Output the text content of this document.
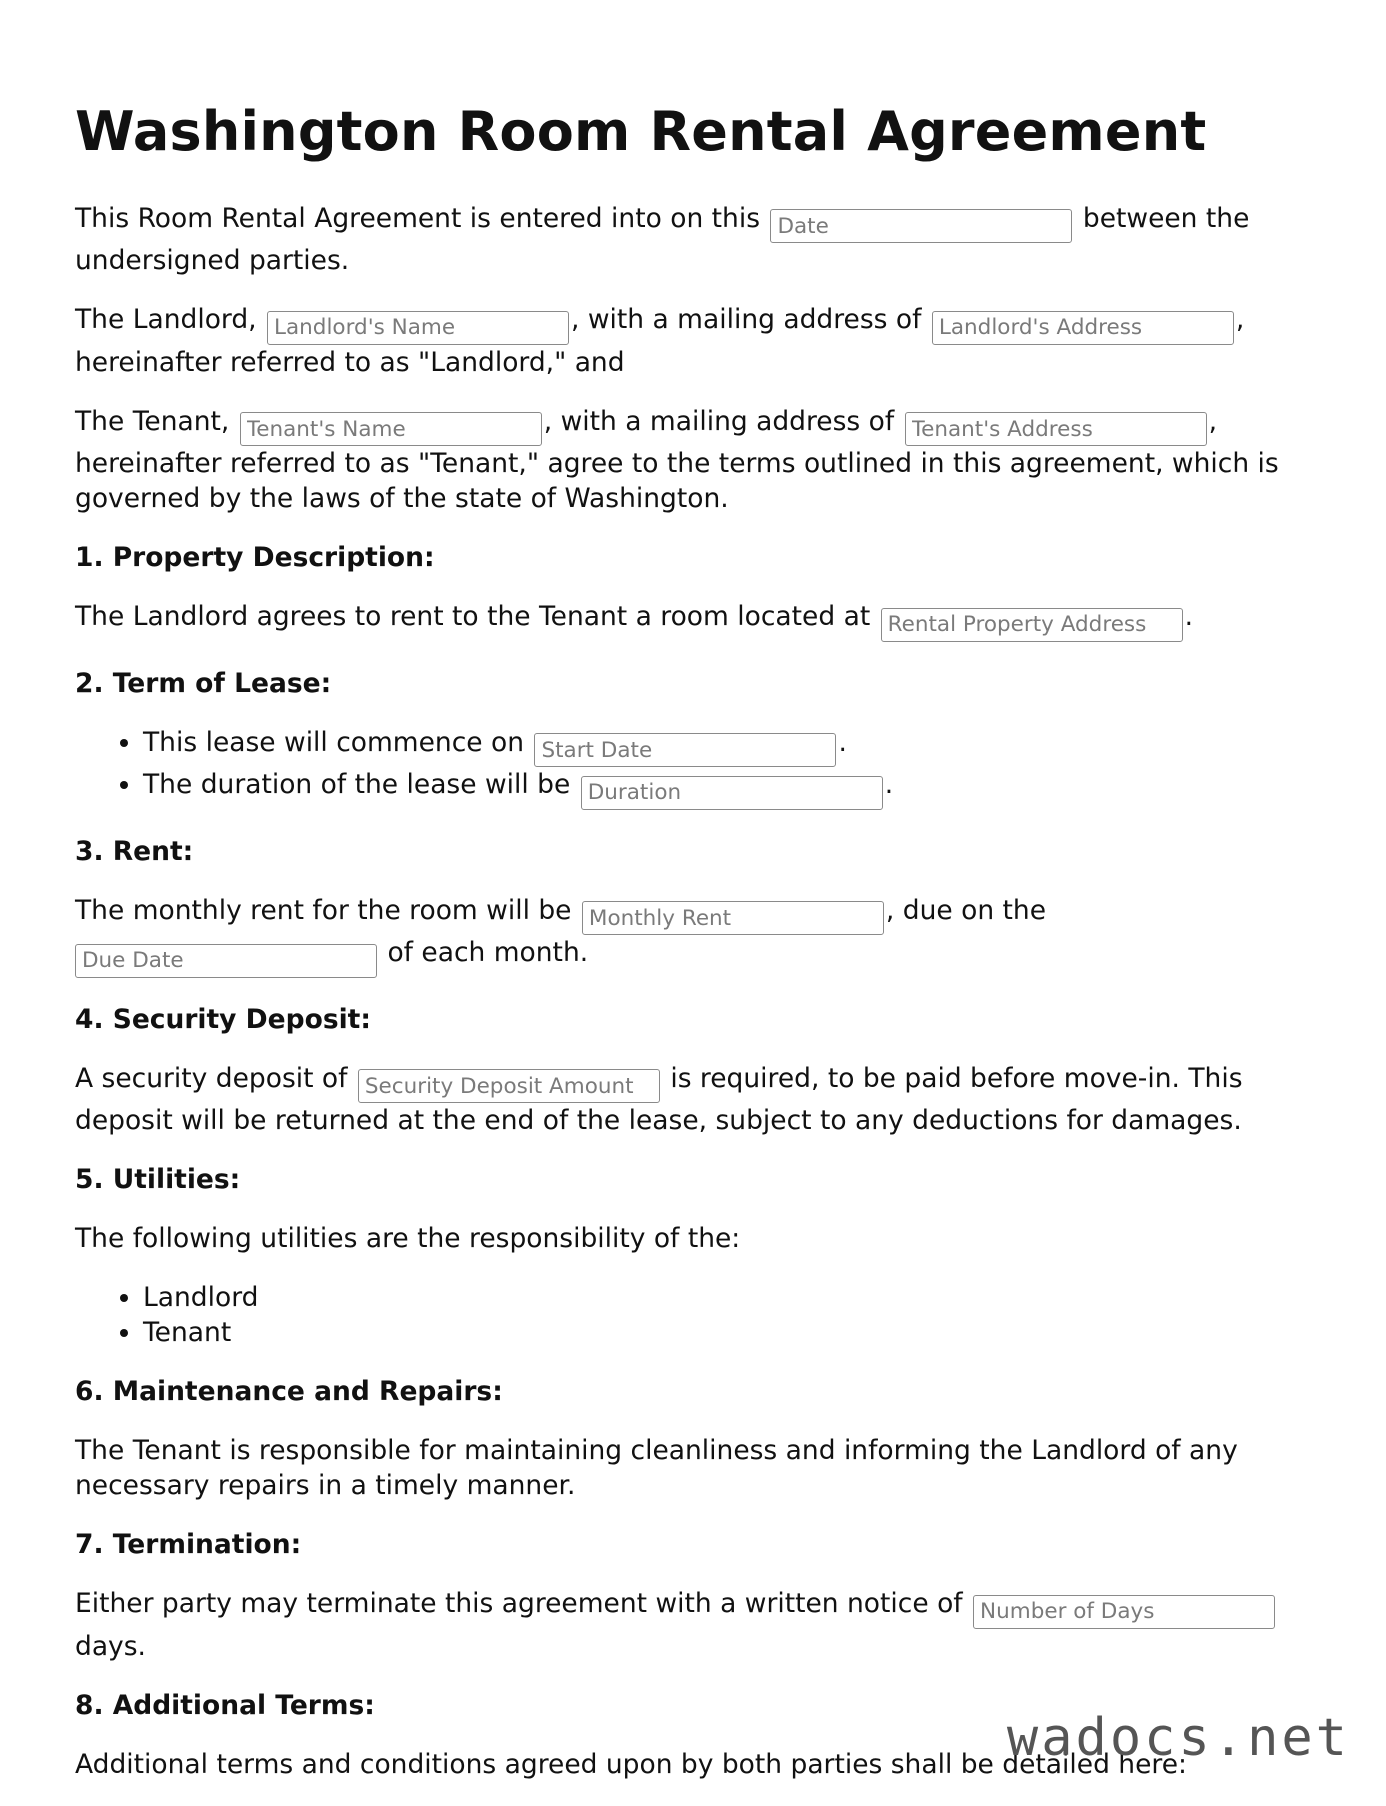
Washington Room Rental Agreement

This Room Rental Agreement is entered into on this Date	between the undersigned parties.

The Landlord, Landlord's Name	, with a mailing address of Landlord's Address	, hereinafter referred to as "Landlord," and

The Tenant, Tenant's Name	, with a mailing address of Tenant's Address	, hereinafter referred to as "Tenant," agree to the terms outlined in this agreement, which is governed by the laws of the state of Washington.

1. Property Description:

The Landlord agrees to rent to the Tenant a room located at Rental Property Address	.

2. Term of Lease:
• This lease will commence on Start Date	.
• The duration of the lease will be Duration	.
3. Rent:

The monthly rent for the room will be Monthly Rent	, due on the Due Date of each month.

4. Security Deposit:

A security deposit of Security Deposit Amount	is required, to be paid before move-in. This deposit will be returned at the end of the lease, subject to any deductions for damages.

5. Utilities:

The following utilities are the responsibility of the:

• Landlord
• Tenant
6. Maintenance and Repairs:

The Tenant is responsible for maintaining cleanliness and informing the Landlord of any necessary repairs in a timely manner.

7. Termination:

Either party may terminate this agreement with a written notice of Number of Days days.

8. Additional Terms:

Additional terms and conditions agreed upon by both parties shall be detailed here:

wadocs.net
